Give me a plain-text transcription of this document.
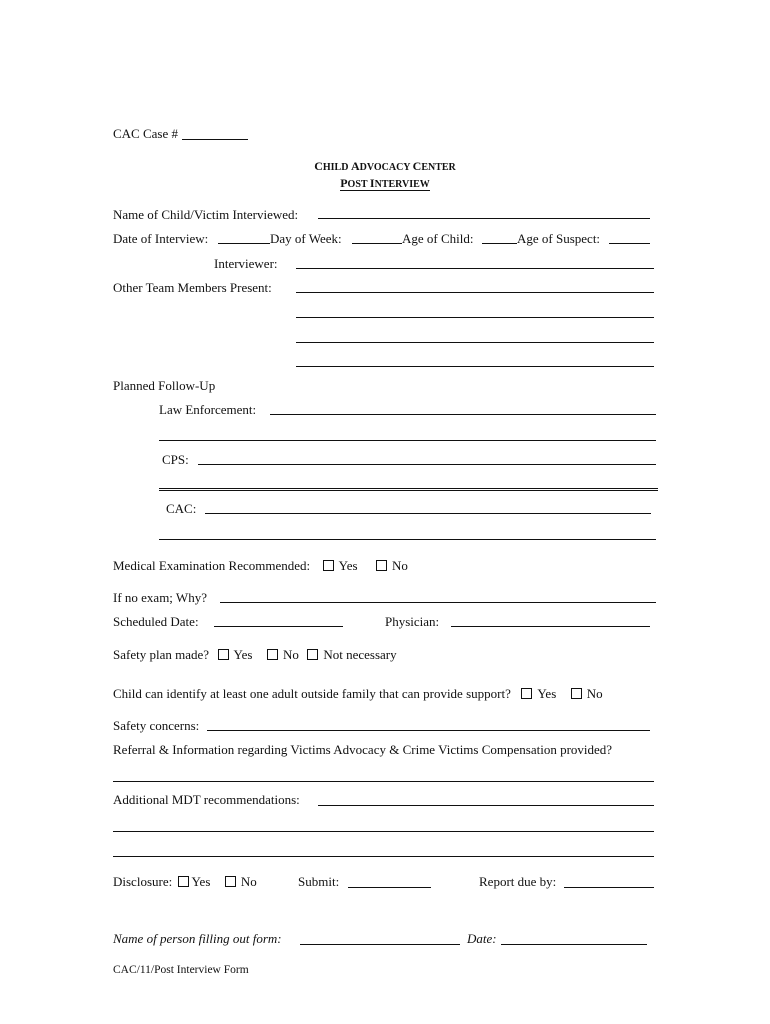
CAC Case #
CHILD ADVOCACY CENTER
POST INTERVIEW
Name of Child/Victim Interviewed:
Date of Interview:	Day of Week:	Age of Child:	Age of Suspect:
Interviewer:
Other Team Members Present:
Planned Follow-Up
Law Enforcement:
CPS:
CAC:
Medical Examination Recommended: Yes	No
If no exam; Why?
Scheduled Date:	Physician:
Safety plan made? Yes No Not necessary
Child can identify at least one adult outside family that can provide support? Yes No
Safety concerns:
Referral & Information regarding Victims Advocacy & Crime Victims Compensation provided?
Additional MDT recommendations:
Disclosure: Yes No	Submit:	Report due by:
Name of person filling out form:	Date:
CAC/11/Post Interview Form
